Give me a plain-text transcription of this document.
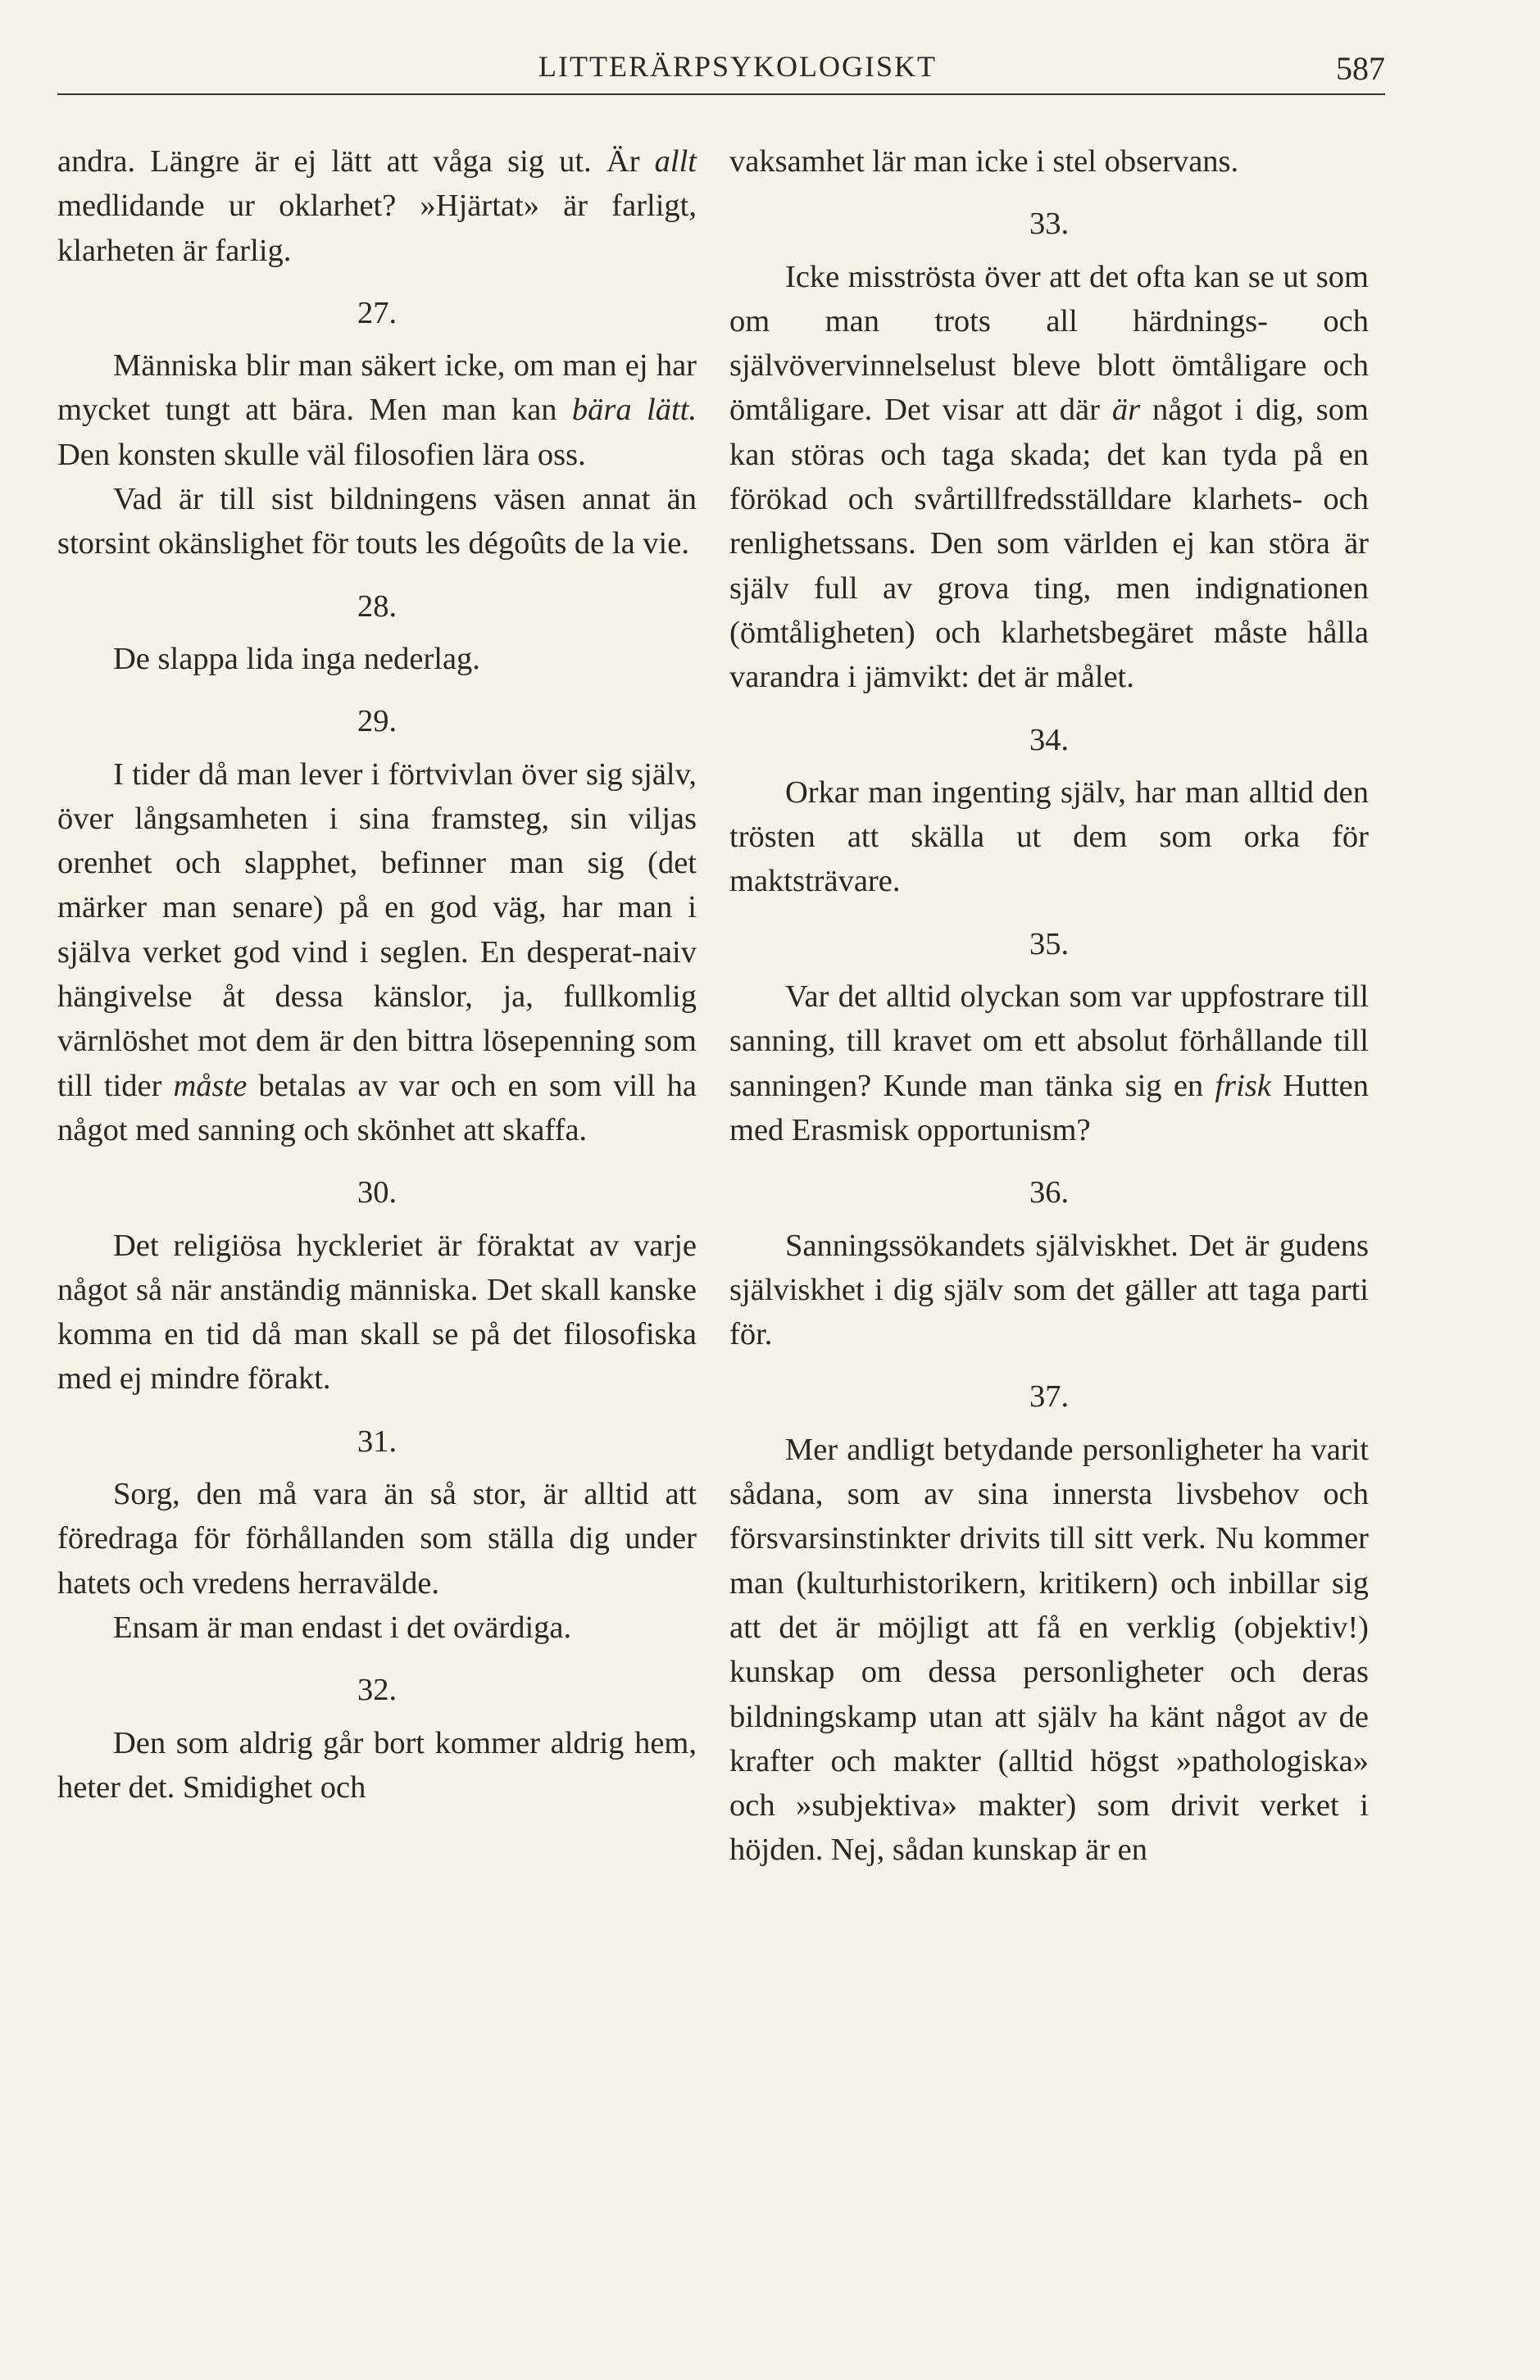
LITTERÄRPSYKOLOGISKT	587

andra. Längre är ej lätt att våga sig ut. Är allt medlidande ur oklarhet? »Hjärtat» är farligt, klarheten är farlig.

27.

Människa blir man säkert icke, om man ej har mycket tungt att bära. Men man kan bära lätt. Den konsten skulle väl filosofien lära oss.

Vad är till sist bildningens väsen annat än storsint okänslighet för touts les dégoûts de la vie.

28.

De slappa lida inga nederlag.

29.

I tider då man lever i förtvivlan över sig själv, över långsamheten i sina framsteg, sin viljas orenhet och slapphet, befinner man sig (det märker man senare) på en god väg, har man i själva verket god vind i seglen. En desperat-naiv hängivelse åt dessa känslor, ja, fullkomlig värnlöshet mot dem är den bittra lösepenning som till tider måste betalas av var och en som vill ha något med sanning och skönhet att skaffa.

30.

Det religiösa hyckleriet är föraktat av varje något så när anständig människa. Det skall kanske komma en tid då man skall se på det filosofiska med ej mindre förakt.

31.

Sorg, den må vara än så stor, är alltid att föredraga för förhållanden som ställa dig under hatets och vredens herravälde.

Ensam är man endast i det ovärdiga.

32.

Den som aldrig går bort kommer aldrig hem, heter det. Smidighet och

vaksamhet lär man icke i stel observans.

33.

Icke misströsta över att det ofta kan se ut som om man trots all härdnings- och självövervinnelselust bleve blott ömtåligare och ömtåligare. Det visar att där är något i dig, som kan störas och taga skada; det kan tyda på en förökad och svårtillfredsställdare klarhets- och renlighetssans. Den som världen ej kan störa är själv full av grova ting, men indignationen (ömtåligheten) och klarhetsbegäret måste hålla varandra i jämvikt: det är målet.

34.

Orkar man ingenting själv, har man alltid den trösten att skälla ut dem som orka för maktsträvare.

35.

Var det alltid olyckan som var uppfostrare till sanning, till kravet om ett absolut förhållande till sanningen? Kunde man tänka sig en frisk Hutten med Erasmisk opportunism?

36.

Sanningssökandets själviskhet. Det är gudens själviskhet i dig själv som det gäller att taga parti för.

37.

Mer andligt betydande personligheter ha varit sådana, som av sina innersta livsbehov och försvarsinstinkter drivits till sitt verk. Nu kommer man (kulturhistorikern, kritikern) och inbillar sig att det är möjligt att få en verklig (objektiv!) kunskap om dessa personligheter och deras bildningskamp utan att själv ha känt något av de krafter och makter (alltid högst »pathologiska» och »subjektiva» makter) som drivit verket i höjden. Nej, sådan kunskap är en
